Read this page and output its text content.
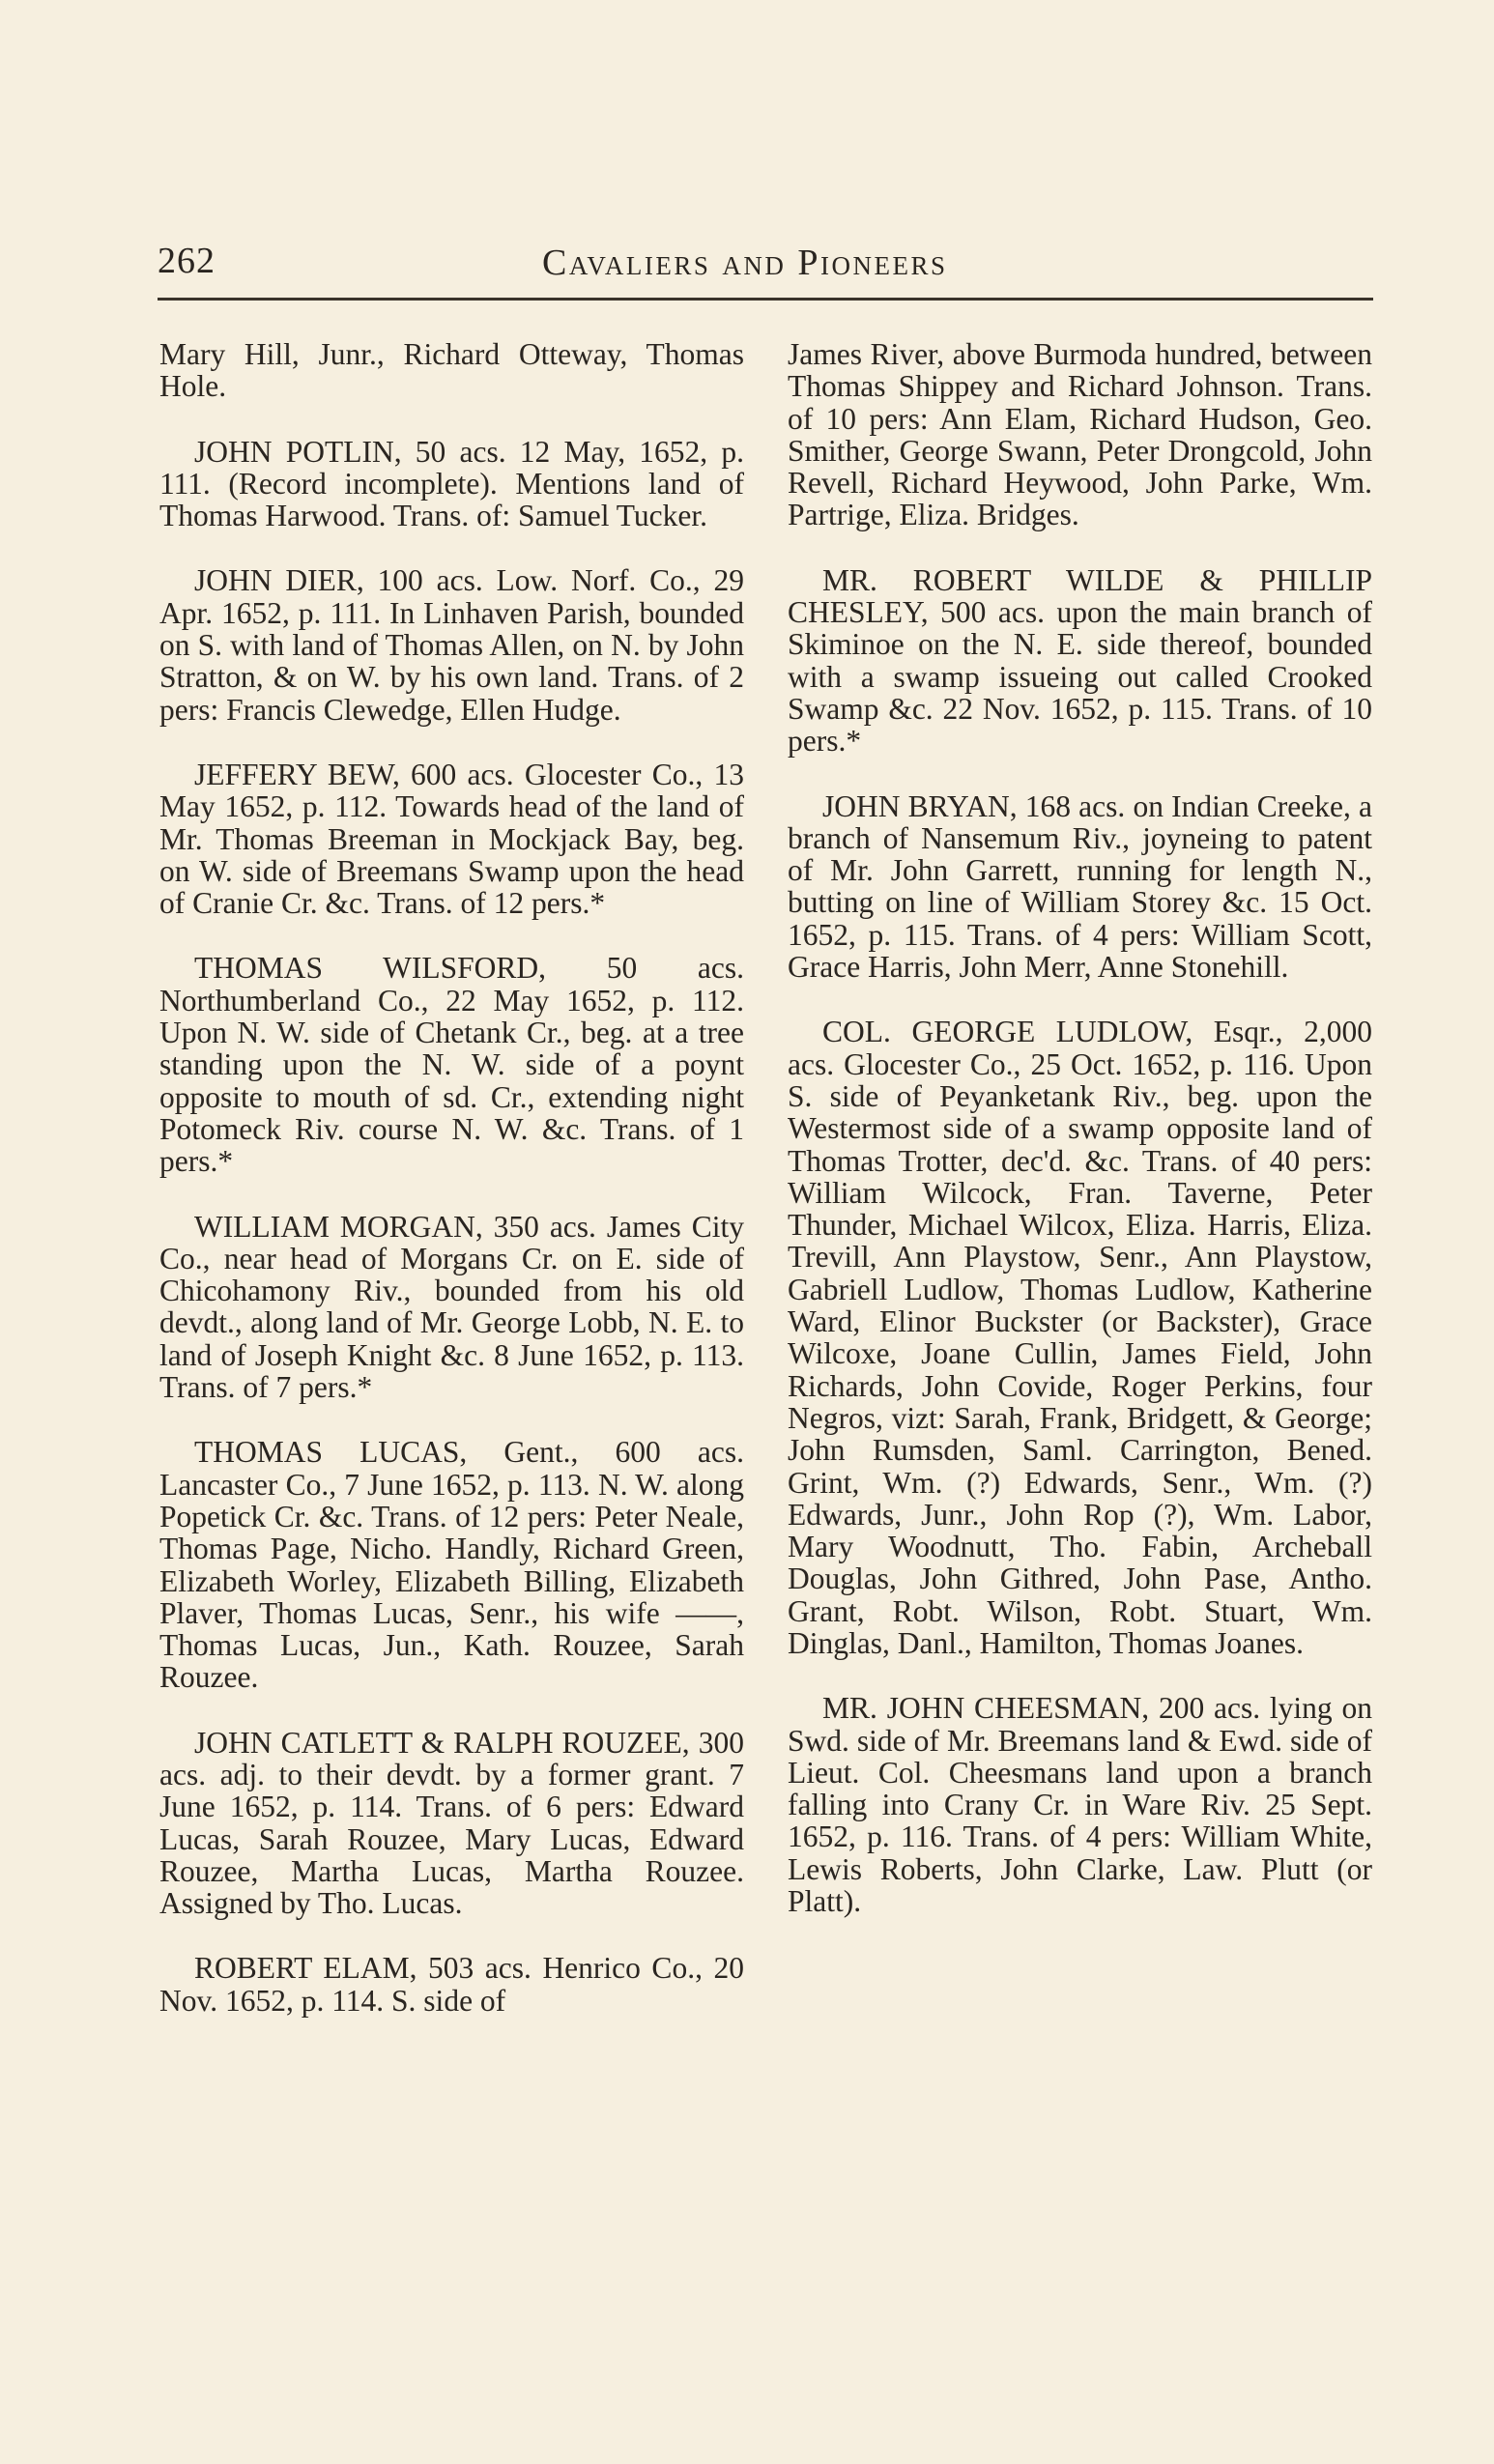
262	Cavaliers and Pioneers

Mary Hill, Junr., Richard Otteway, Thomas Hole.

JOHN POTLIN, 50 acs. 12 May, 1652, p. 111. (Record incomplete). Mentions land of Thomas Harwood. Trans. of: Samuel Tucker.

JOHN DIER, 100 acs. Low. Norf. Co., 29 Apr. 1652, p. 111. In Linhaven Parish, bounded on S. with land of Thomas Allen, on N. by John Stratton, & on W. by his own land. Trans. of 2 pers: Francis Clewedge, Ellen Hudge.

JEFFERY BEW, 600 acs. Glocester Co., 13 May 1652, p. 112. Towards head of the land of Mr. Thomas Breeman in Mockjack Bay, beg. on W. side of Breemans Swamp upon the head of Cranie Cr. &c. Trans. of 12 pers.*

THOMAS WILSFORD, 50 acs. Northumberland Co., 22 May 1652, p. 112. Upon N. W. side of Chetank Cr., beg. at a tree standing upon the N. W. side of a poynt opposite to mouth of sd. Cr., extending night Potomeck Riv. course N. W. &c. Trans. of 1 pers.*

WILLIAM MORGAN, 350 acs. James City Co., near head of Morgans Cr. on E. side of Chicohamony Riv., bounded from his old devdt., along land of Mr. George Lobb, N. E. to land of Joseph Knight &c. 8 June 1652, p. 113. Trans. of 7 pers.*

THOMAS LUCAS, Gent., 600 acs. Lancaster Co., 7 June 1652, p. 113. N. W. along Popetick Cr. &c. Trans. of 12 pers: Peter Neale, Thomas Page, Nicho. Handly, Richard Green, Elizabeth Worley, Elizabeth Billing, Elizabeth Plaver, Thomas Lucas, Senr., his wife ——, Thomas Lucas, Jun., Kath. Rouzee, Sarah Rouzee.

JOHN CATLETT & RALPH ROUZEE, 300 acs. adj. to their devdt. by a former grant. 7 June 1652, p. 114. Trans. of 6 pers: Edward Lucas, Sarah Rouzee, Mary Lucas, Edward Rouzee, Martha Lucas, Martha Rouzee. Assigned by Tho. Lucas.

ROBERT ELAM, 503 acs. Henrico Co., 20 Nov. 1652, p. 114. S. side of

James River, above Burmoda hundred, between Thomas Shippey and Richard Johnson. Trans. of 10 pers: Ann Elam, Richard Hudson, Geo. Smither, George Swann, Peter Drongcold, John Revell, Richard Heywood, John Parke, Wm. Partrige, Eliza. Bridges.

MR. ROBERT WILDE & PHILLIP CHESLEY, 500 acs. upon the main branch of Skiminoe on the N. E. side thereof, bounded with a swamp issueing out called Crooked Swamp &c. 22 Nov. 1652, p. 115. Trans. of 10 pers.*

JOHN BRYAN, 168 acs. on Indian Creeke, a branch of Nansemum Riv., joyneing to patent of Mr. John Garrett, running for length N., butting on line of William Storey &c. 15 Oct. 1652, p. 115. Trans. of 4 pers: William Scott, Grace Harris, John Merr, Anne Stonehill.

COL. GEORGE LUDLOW, Esqr., 2,000 acs. Glocester Co., 25 Oct. 1652, p. 116. Upon S. side of Peyanketank Riv., beg. upon the Westermost side of a swamp opposite land of Thomas Trotter, dec'd. &c. Trans. of 40 pers: William Wilcock, Fran. Taverne, Peter Thunder, Michael Wilcox, Eliza. Harris, Eliza. Trevill, Ann Playstow, Senr., Ann Playstow, Gabriell Ludlow, Thomas Ludlow, Katherine Ward, Elinor Buckster (or Backster), Grace Wilcoxe, Joane Cullin, James Field, John Richards, John Covide, Roger Perkins, four Negros, vizt: Sarah, Frank, Bridgett, & George; John Rumsden, Saml. Carrington, Bened. Grint, Wm. (?) Edwards, Senr., Wm. (?) Edwards, Junr., John Rop (?), Wm. Labor, Mary Woodnutt, Tho. Fabin, Archeball Douglas, John Githred, John Pase, Antho. Grant, Robt. Wilson, Robt. Stuart, Wm. Dinglas, Danl., Hamilton, Thomas Joanes.

MR. JOHN CHEESMAN, 200 acs. lying on Swd. side of Mr. Breemans land & Ewd. side of Lieut. Col. Cheesmans land upon a branch falling into Crany Cr. in Ware Riv. 25 Sept. 1652, p. 116. Trans. of 4 pers: William White, Lewis Roberts, John Clarke, Law. Plutt (or Platt).
